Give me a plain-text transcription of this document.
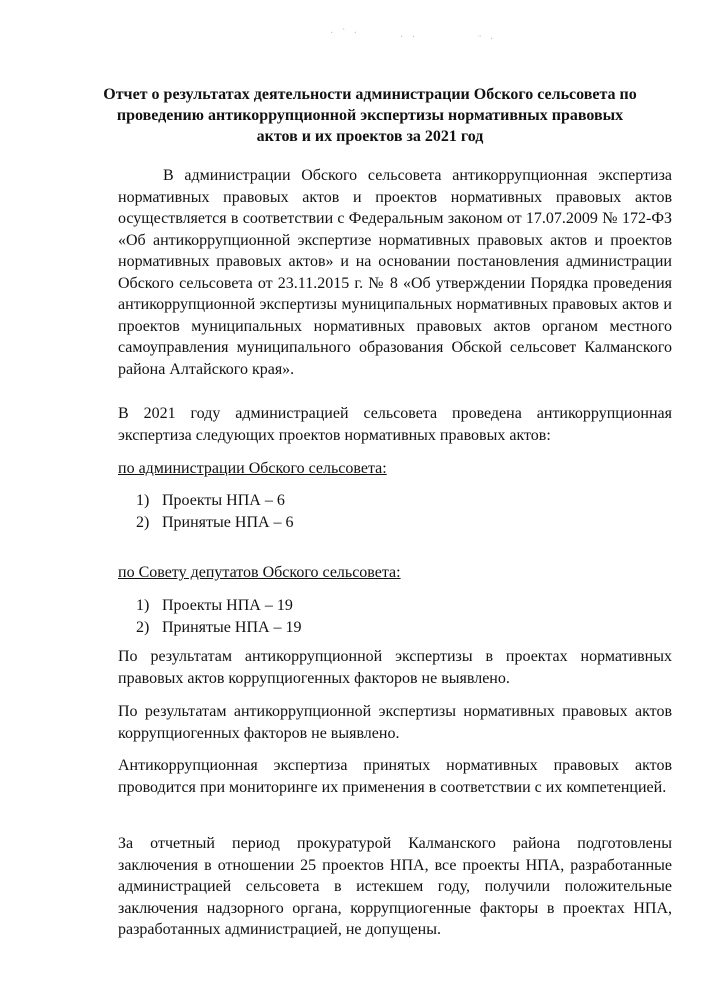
· ` ·	· ·	¨ ·
Отчет о результатах деятельности администрации Обского сельсовета по проведению антикоррупционной экспертизы нормативных правовых актов и их проектов за 2021 год

В администрации Обского сельсовета антикоррупционная экспертиза нормативных правовых актов и проектов нормативных правовых актов осуществляется в соответствии с Федеральным законом от 17.07.2009 № 172-ФЗ «Об антикоррупционной экспертизе нормативных правовых актов и проектов нормативных правовых актов» и на основании постановления администрации Обского сельсовета от 23.11.2015 г. № 8 «Об утверждении Порядка проведения антикоррупционной экспертизы муниципальных нормативных правовых актов и проектов муниципальных нормативных правовых актов органом местного самоуправления муниципального образования Обской сельсовет Калманского района Алтайского края».

В 2021 году администрацией сельсовета проведена антикоррупционная экспертиза следующих проектов нормативных правовых актов:

по администрации Обского сельсовета:

1) Проекты НПА – 6
2) Принятые НПА – 6

по Совету депутатов Обского сельсовета:

1) Проекты НПА – 19
2) Принятые НПА – 19

По результатам антикоррупционной экспертизы в проектах нормативных правовых актов коррупциогенных факторов не выявлено.

По результатам антикоррупционной экспертизы нормативных правовых актов коррупциогенных факторов не выявлено.

Антикоррупционная экспертиза принятых нормативных правовых актов проводится при мониторинге их применения в соответствии с их компетенцией.

За отчетный период прокуратурой Калманского района подготовлены заключения в отношении 25 проектов НПА, все проекты НПА, разработанные администрацией сельсовета в истекшем году, получили положительные заключения надзорного органа, коррупциогенные факторы в проектах НПА, разработанных администрацией, не допущены.
